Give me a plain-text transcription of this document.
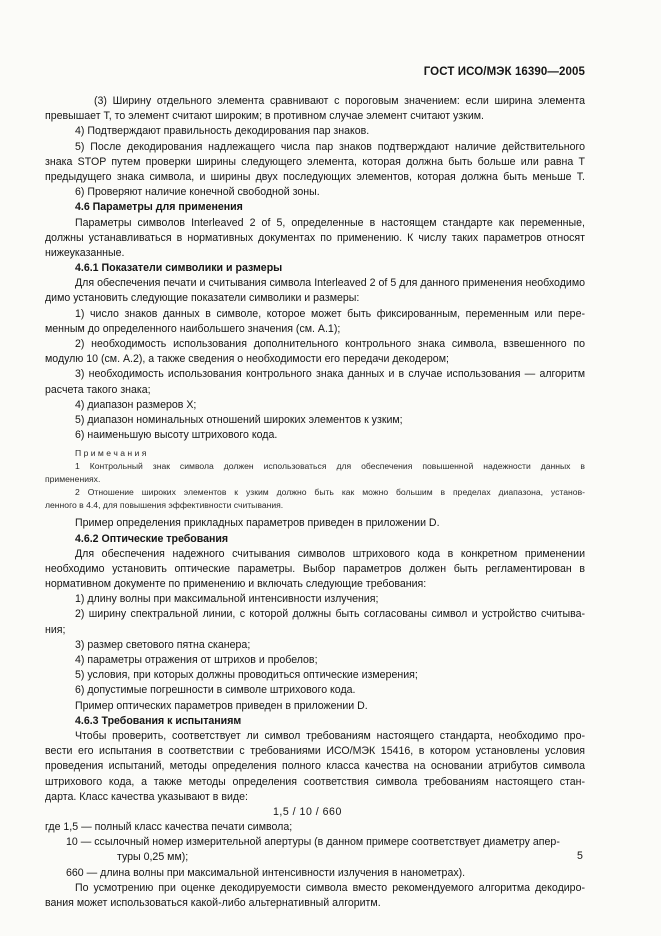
ГОСТ ИСО/МЭК 16390—2005
(3) Ширину отдельного элемента сравнивают с пороговым значением: если ширина элемента
превышает T, то элемент считают широким; в противном случае элемент считают узким.
4) Подтверждают правильность декодирования пар знаков.
5) После декодирования надлежащего числа пар знаков подтверждают наличие действительного
знака STOP путем проверки ширины следующего элемента, которая должна быть больше или равна T
предыдущего знака символа, и ширины двух последующих элементов, которая должна быть меньше T.
6) Проверяют наличие конечной свободной зоны.
4.6 Параметры для применения
Параметры символов Interleaved 2 of 5, определенные в настоящем стандарте как переменные,
должны устанавливаться в нормативных документах по применению. К числу таких параметров относят
нижеуказанные.
4.6.1 Показатели символики и размеры
Для обеспечения печати и считывания символа Interleaved 2 of 5 для данного применения необходимо
димо установить следующие показатели символики и размеры:
1) число знаков данных в символе, которое может быть фиксированным, переменным или пере-
менным до определенного наибольшего значения (см. А.1);
2) необходимость использования дополнительного контрольного знака символа, взвешенного по
модулю 10 (см. А.2), а также сведения о необходимости его передачи декодером;
3) необходимость использования контрольного знака данных и в случае использования — алгоритм
расчета такого знака;
4) диапазон размеров X;
5) диапазон номинальных отношений широких элементов к узким;
6) наименьшую высоту штрихового кода.
П р и м е ч а н и я
1 Контрольный знак символа должен использоваться для обеспечения повышенной надежности данных в
применениях.
2 Отношение широких элементов к узким должно быть как можно большим в пределах диапазона, установ-
ленного в 4.4, для повышения эффективности считывания.
Пример определения прикладных параметров приведен в приложении D.
4.6.2 Оптические требования
Для обеспечения надежного считывания символов штрихового кода в конкретном применении
необходимо установить оптические параметры. Выбор параметров должен быть регламентирован в
нормативном документе по применению и включать следующие требования:
1) длину волны при максимальной интенсивности излучения;
2) ширину спектральной линии, с которой должны быть согласованы символ и устройство считыва-
ния;
3) размер светового пятна сканера;
4) параметры отражения от штрихов и пробелов;
5) условия, при которых должны проводиться оптические измерения;
6) допустимые погрешности в символе штрихового кода.
Пример оптических параметров приведен в приложении D.
4.6.3 Требования к испытаниям
Чтобы проверить, соответствует ли символ требованиям настоящего стандарта, необходимо про-
вести его испытания в соответствии с требованиями ИСО/МЭК 15416, в котором установлены условия
проведения испытаний, методы определения полного класса качества на основании атрибутов символа
штрихового кода, а также методы определения соответствия символа требованиям настоящего стан-
дарта. Класс качества указывают в виде:
1,5 / 10 / 660
где 1,5 — полный класс качества печати символа;
10 — ссылочный номер измерительной апертуры (в данном примере соответствует диаметру апер-
туры 0,25 мм);
660 — длина волны при максимальной интенсивности излучения в нанометрах).
По усмотрению при оценке декодируемости символа вместо рекомендуемого алгоритма декодиро-
вания может использоваться какой-либо альтернативный алгоритм.
5
